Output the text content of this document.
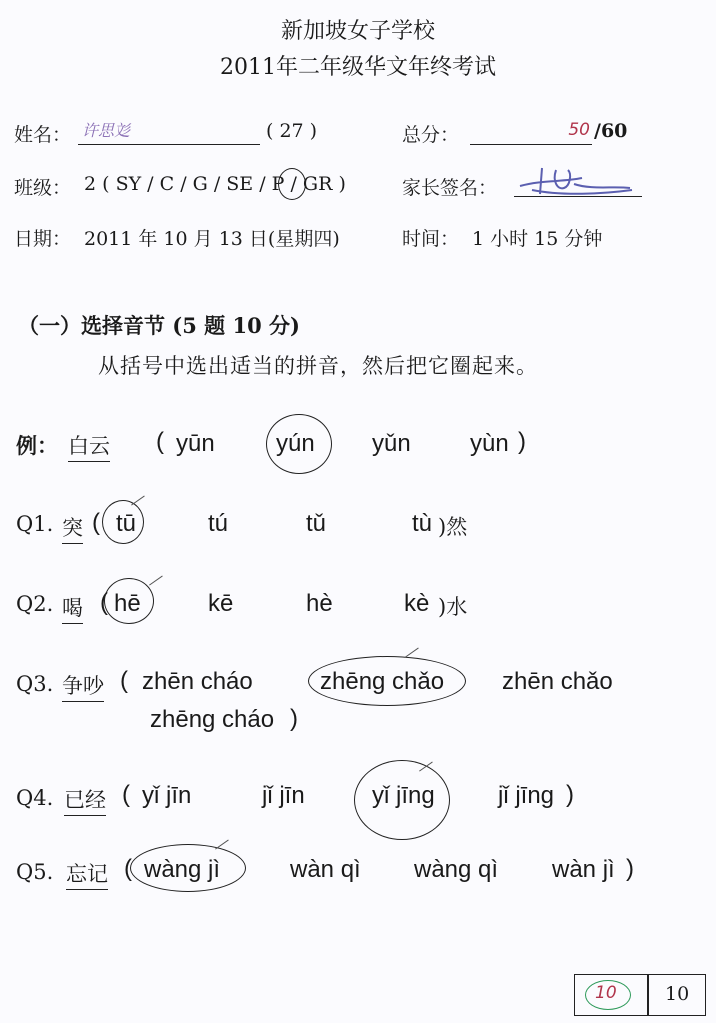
新加坡女子学校
2011年二年级华文年终考试
姓名： 许思彣	( 27 )	总分：	50 /60
班级： 2 ( SY / C / G / SE / P / GR )	家长签名：
日期： 2011 年 10 月 13 日(星期四)	时间： 1 小时 15 分钟
（一）选择音节 (5 题 10 分)
从括号中选出适当的拼音，然后把它圈起来。
例： 白云 ( yūn	yún yǔn yùn )
Q1. 突 ( tū	tú	tǔ	tù )然
Q2. 喝 ( hē	kē	hè	kè )水
Q3. 争吵 ( zhēn cháo	zhēng chǎo zhēn chǎo
zhēng cháo )
Q4. 已经 ( yǐ jīn	jǐ jīn	yǐ jīng	jǐ jīng )
Q5. 忘记 ( wàng jì	wàn qì wàng qì wàn jì )
10	10
